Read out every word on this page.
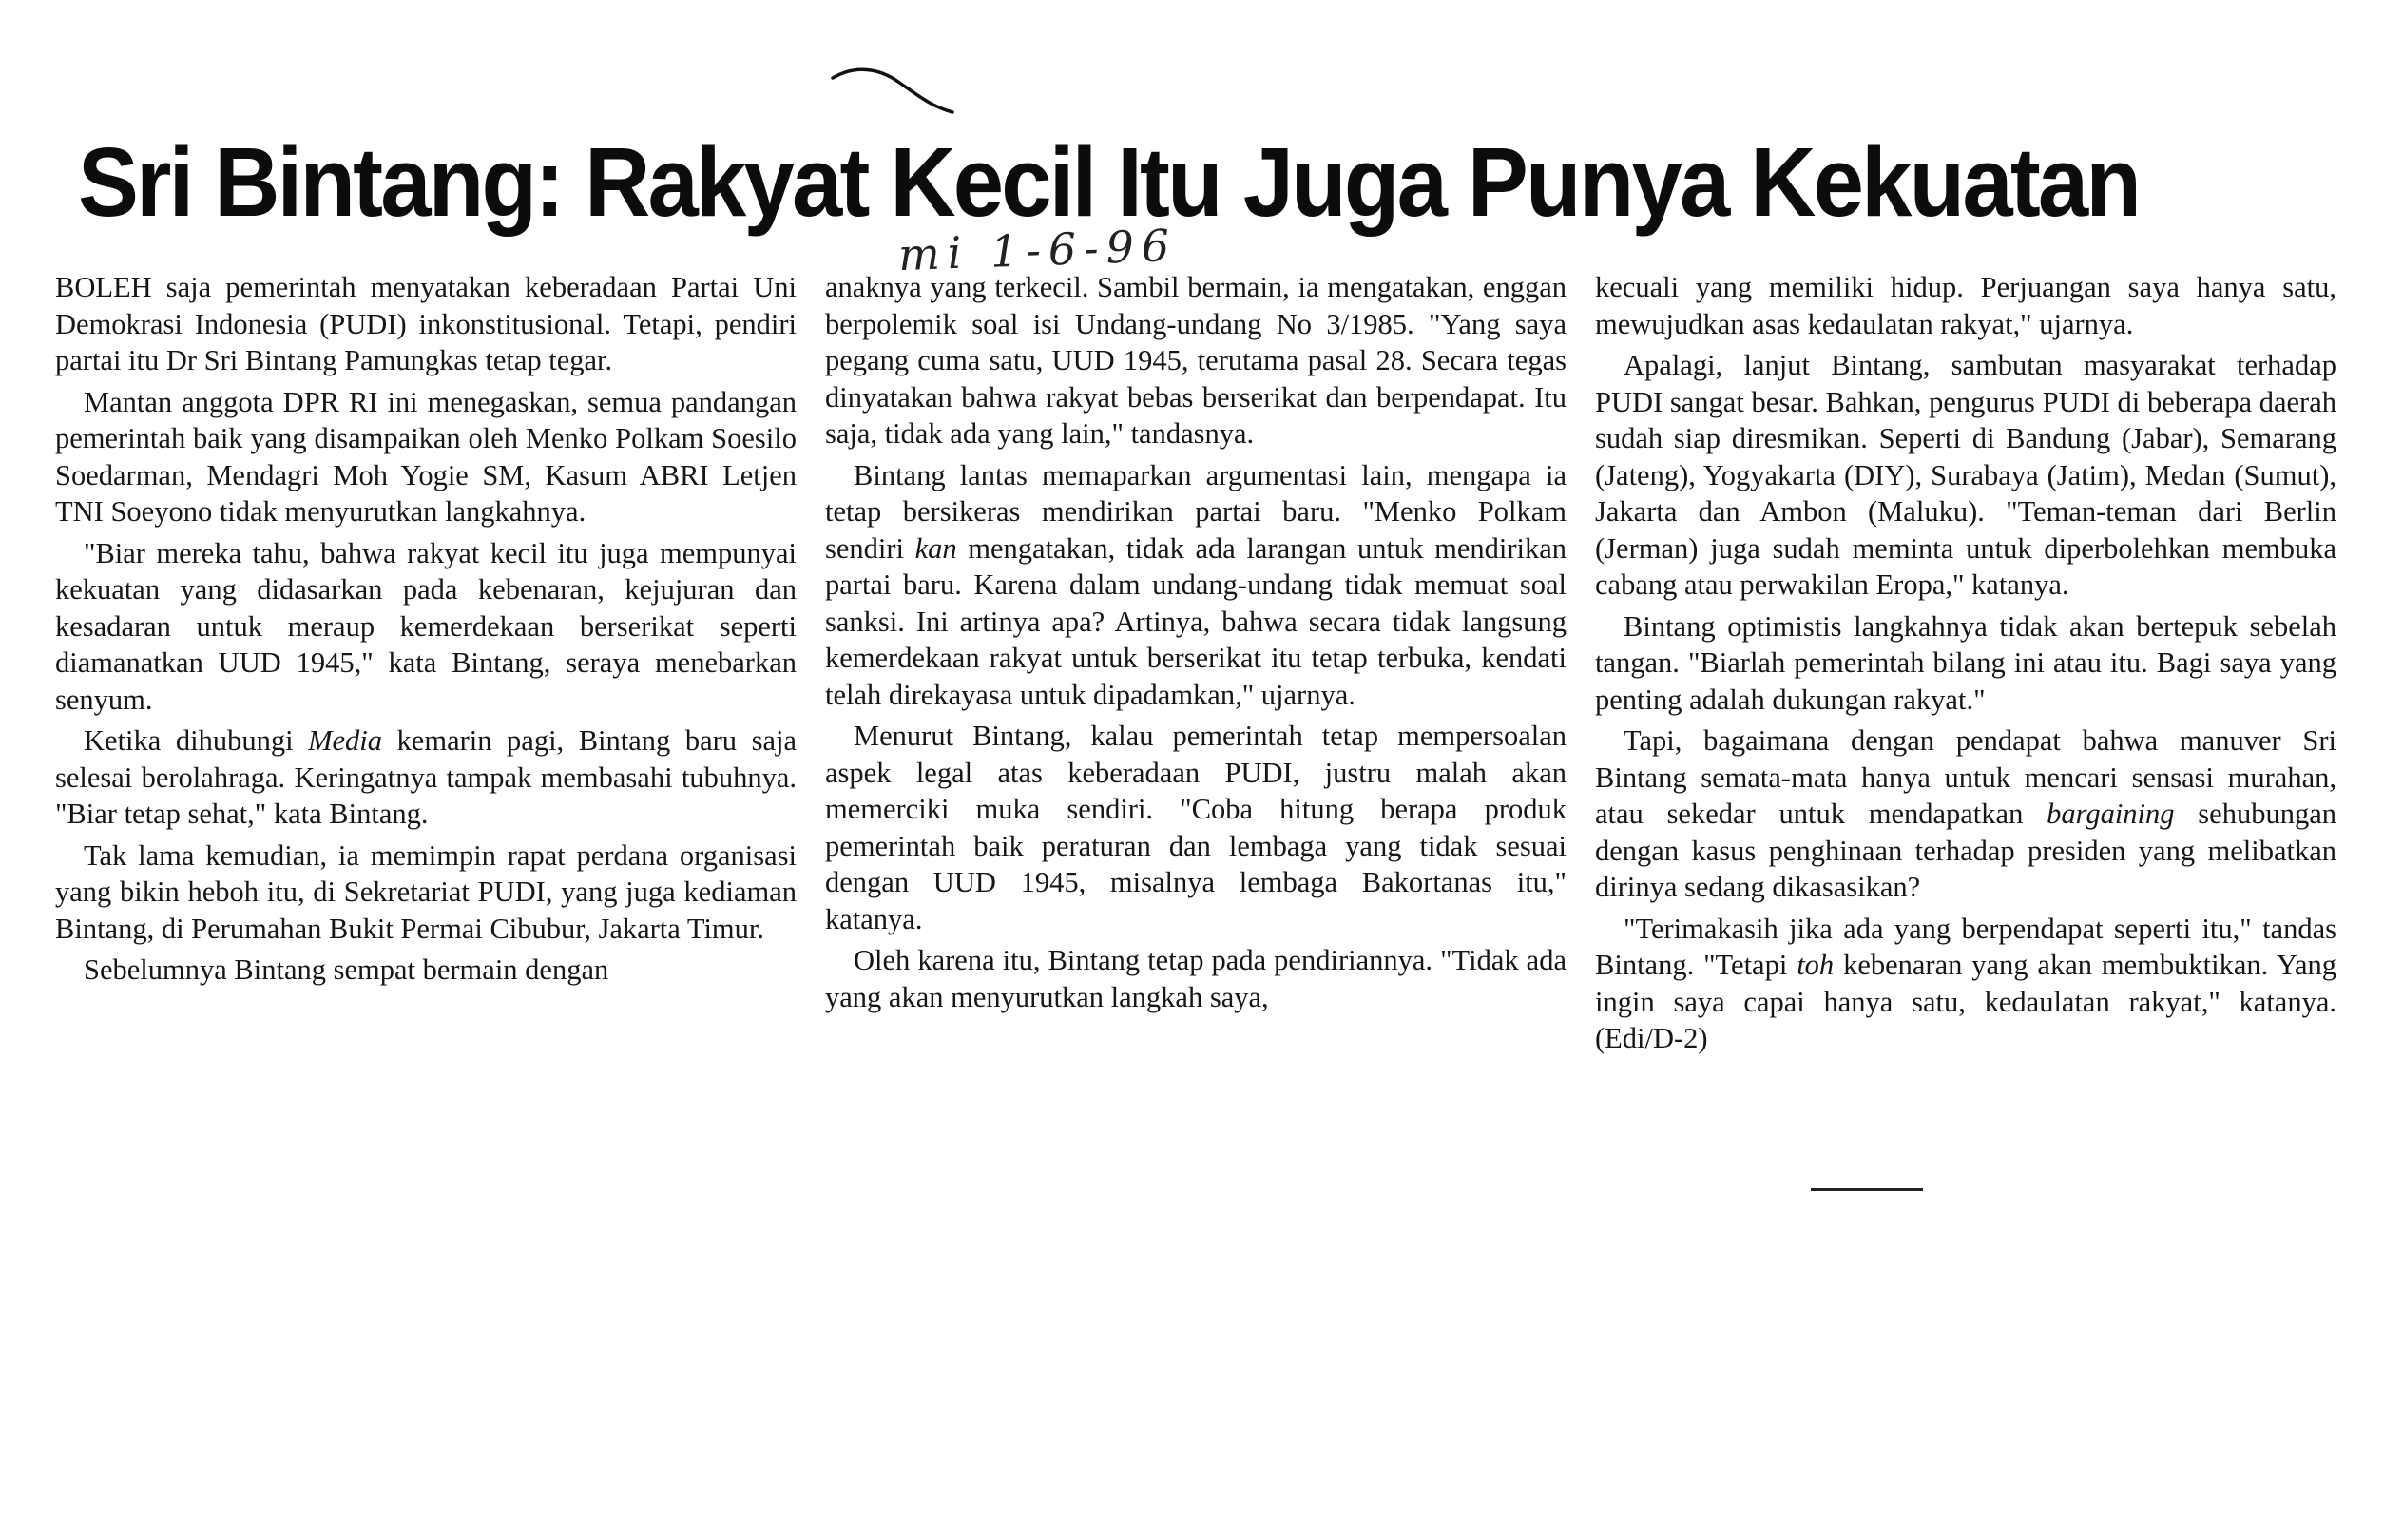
Sri Bintang: Rakyat Kecil Itu Juga Punya Kekuatan
mi 1-6-96

BOLEH saja pemerintah menyatakan keberadaan Partai Uni Demokrasi Indonesia (PUDI) inkonstitusional. Tetapi, pendiri partai itu Dr Sri Bintang Pamungkas tetap tegar.

Mantan anggota DPR RI ini menegaskan, semua pandangan pemerintah baik yang disampaikan oleh Menko Polkam Soesilo Soedarman, Mendagri Moh Yogie SM, Kasum ABRI Letjen TNI Soeyono tidak menyurutkan langkahnya.

"Biar mereka tahu, bahwa rakyat kecil itu juga mempunyai kekuatan yang didasarkan pada kebenaran, kejujuran dan kesadaran untuk meraup kemerdekaan berserikat seperti diamanatkan UUD 1945," kata Bintang, seraya menebarkan senyum.

Ketika dihubungi Media kemarin pagi, Bintang baru saja selesai berolahraga. Keringatnya tampak membasahi tubuhnya. "Biar tetap sehat," kata Bintang.

Tak lama kemudian, ia memimpin rapat perdana organisasi yang bikin heboh itu, di Sekretariat PUDI, yang juga kediaman Bintang, di Perumahan Bukit Permai Cibubur, Jakarta Timur.

Sebelumnya Bintang sempat bermain dengan

anaknya yang terkecil. Sambil bermain, ia mengatakan, enggan berpolemik soal isi Undang-undang No 3/1985. "Yang saya pegang cuma satu, UUD 1945, terutama pasal 28. Secara tegas dinyatakan bahwa rakyat bebas berserikat dan berpendapat. Itu saja, tidak ada yang lain," tandasnya.

Bintang lantas memaparkan argumentasi lain, mengapa ia tetap bersikeras mendirikan partai baru. "Menko Polkam sendiri kan mengatakan, tidak ada larangan untuk mendirikan partai baru. Karena dalam undang-undang tidak memuat soal sanksi. Ini artinya apa? Artinya, bahwa secara tidak langsung kemerdekaan rakyat untuk berserikat itu tetap terbuka, kendati telah direkayasa untuk dipadamkan," ujarnya.

Menurut Bintang, kalau pemerintah tetap mempersoalan aspek legal atas keberadaan PUDI, justru malah akan memerciki muka sendiri. "Coba hitung berapa produk pemerintah baik peraturan dan lembaga yang tidak sesuai dengan UUD 1945, misalnya lembaga Bakortanas itu," katanya.

Oleh karena itu, Bintang tetap pada pendiriannya. "Tidak ada yang akan menyurutkan langkah saya,

kecuali yang memiliki hidup. Perjuangan saya hanya satu, mewujudkan asas kedaulatan rakyat," ujarnya.

Apalagi, lanjut Bintang, sambutan masyarakat terhadap PUDI sangat besar. Bahkan, pengurus PUDI di beberapa daerah sudah siap diresmikan. Seperti di Bandung (Jabar), Semarang (Jateng), Yogyakarta (DIY), Surabaya (Jatim), Medan (Sumut), Jakarta dan Ambon (Maluku). "Teman-teman dari Berlin (Jerman) juga sudah meminta untuk diperbolehkan membuka cabang atau perwakilan Eropa," katanya.

Bintang optimistis langkahnya tidak akan bertepuk sebelah tangan. "Biarlah pemerintah bilang ini atau itu. Bagi saya yang penting adalah dukungan rakyat."

Tapi, bagaimana dengan pendapat bahwa manuver Sri Bintang semata-mata hanya untuk mencari sensasi murahan, atau sekedar untuk mendapatkan bargaining sehubungan dengan kasus penghinaan terhadap presiden yang melibatkan dirinya sedang dikasasikan?

"Terimakasih jika ada yang berpendapat seperti itu," tandas Bintang. "Tetapi toh kebenaran yang akan membuktikan. Yang ingin saya capai hanya satu, kedaulatan rakyat," katanya. (Edi/D-2)
